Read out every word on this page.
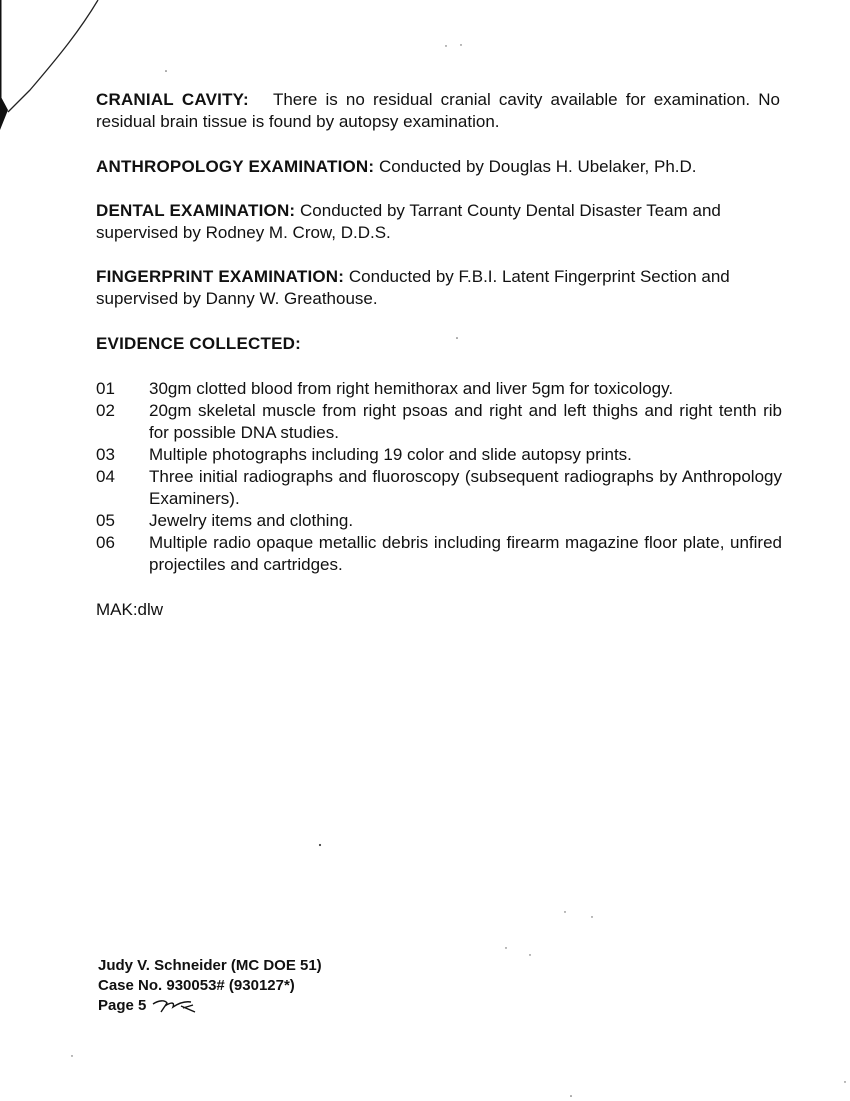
CRANIAL CAVITY: There is no residual cranial cavity available for examination. No residual brain tissue is found by autopsy examination.

ANTHROPOLOGY EXAMINATION: Conducted by Douglas H. Ubelaker, Ph.D.

DENTAL EXAMINATION: Conducted by Tarrant County Dental Disaster Team and supervised by Rodney M. Crow, D.D.S.

FINGERPRINT EXAMINATION: Conducted by F.B.I. Latent Fingerprint Section and supervised by Danny W. Greathouse.

EVIDENCE COLLECTED:

01	30gm clotted blood from right hemithorax and liver 5gm for toxicology.
02	20gm skeletal muscle from right psoas and right and left thighs and right tenth rib for possible DNA studies.
03	Multiple photographs including 19 color and slide autopsy prints.
04	Three initial radiographs and fluoroscopy (subsequent radiographs by Anthropology Examiners).
05	Jewelry items and clothing.
06	Multiple radio opaque metallic debris including firearm magazine floor plate, unfired projectiles and cartridges.

MAK:dlw

Judy V. Schneider (MC DOE 51)
Case No. 930053# (930127*)
Page 5
